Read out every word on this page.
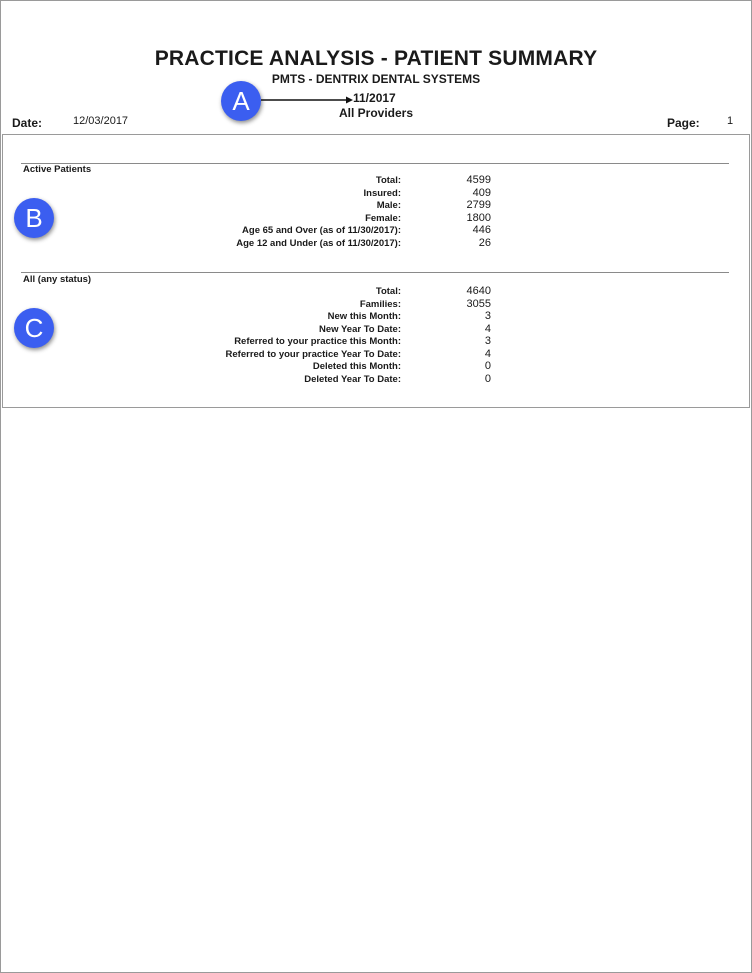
PRACTICE ANALYSIS - PATIENT SUMMARY
PMTS - DENTRIX DENTAL SYSTEMS
A	11/2017
All Providers
Date:	12/03/2017	Page: 1
Active Patients
B
Total:	4599
Insured:	409
Male:	2799
Female:	1800
Age 65 and Over (as of 11/30/2017):	446
Age 12 and Under (as of 11/30/2017):	26
All (any status)
C
Total:	4640
Families:	3055
New this Month:	3
New Year To Date:	4
Referred to your practice this Month:	3
Referred to your practice Year To Date:	4
Deleted this Month:	0
Deleted Year To Date:	0
